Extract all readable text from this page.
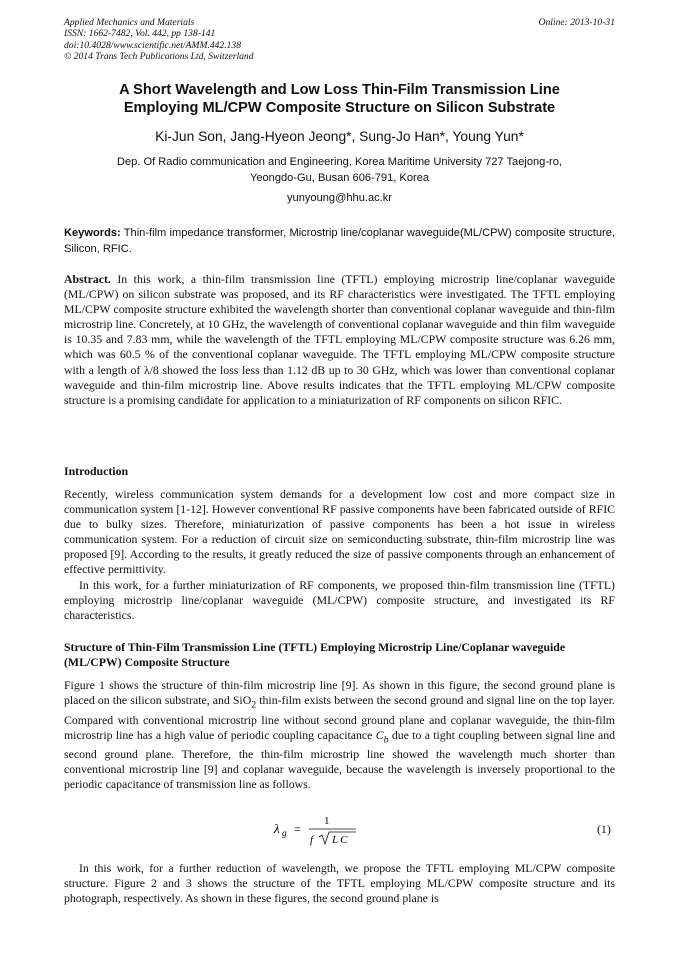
Applied Mechanics and Materials
ISSN: 1662-7482, Vol. 442, pp 138-141
doi:10.4028/www.scientific.net/AMM.442.138
© 2014 Trans Tech Publications Ltd, Switzerland
Online: 2013-10-31
A Short Wavelength and Low Loss Thin-Film Transmission Line
Employing ML/CPW Composite Structure on Silicon Substrate
Ki-Jun Son, Jang-Hyeon Jeong*, Sung-Jo Han*, Young Yun*
Dep. Of Radio communication and Engineering, Korea Maritime University 727 Taejong-ro,
Yeongdo-Gu, Busan 606-791, Korea
yunyoung@hhu.ac.kr
Keywords: Thin-film impedance transformer, Microstrip line/coplanar waveguide(ML/CPW) composite structure, Silicon, RFIC.

Abstract. In this work, a thin-film transmission line (TFTL) employing microstrip line/coplanar waveguide (ML/CPW) on silicon substrate was proposed, and its RF characteristics were investigated. The TFTL employing ML/CPW composite structure exhibited the wavelength shorter than conventional coplanar waveguide and thin-film microstrip line. Concretely, at 10 GHz, the wavelength of conventional coplanar waveguide and thin film waveguide is 10.35 and 7.83 mm, while the wavelength of the TFTL employing ML/CPW composite structure was 6.26 mm, which was 60.5 % of the conventional coplanar waveguide. The TFTL employing ML/CPW composite structure with a length of λ/8 showed the loss less than 1.12 dB up to 30 GHz, which was lower than conventional coplanar waveguide and thin-film microstrip line. Above results indicates that the TFTL employing ML/CPW composite structure is a promising candidate for application to a miniaturization of RF components on silicon RFIC.

Introduction

Recently, wireless communication system demands for a development low cost and more compact size in communication system [1-12]. However conventional RF passive components have been fabricated outside of RFIC due to bulky sizes. Therefore, miniaturization of passive components has been a hot issue in wireless communication system. For a reduction of circuit size on semiconducting substrate, thin-film microstrip line was proposed [9]. According to the results, it greatly reduced the size of passive components through an enhancement of effective permittivity.

In this work, for a further miniaturization of RF components, we proposed thin-film transmission line (TFTL) employing microstrip line/coplanar waveguide (ML/CPW) composite structure, and investigated its RF characteristics.

Structure of Thin-Film Transmission Line (TFTL) Employing Microstrip Line/Coplanar waveguide (ML/CPW) Composite Structure

Figure 1 shows the structure of thin-film microstrip line [9]. As shown in this figure, the second ground plane is placed on the silicon substrate, and SiO$_2$ thin-film exists between the second ground and signal line on the top layer. Compared with conventional microstrip line without second ground plane and coplanar waveguide, the thin-film microstrip line has a high value of periodic coupling capacitance $C_b$ due to a tight coupling between signal line and second ground plane. Therefore, the thin-film microstrip line showed the wavelength much shorter than conventional microstrip line [9] and coplanar waveguide, because the wavelength is inversely proportional to the periodic capacitance of transmission line as follows.

λ g =
1
f LC
(1)

In this work, for a further reduction of wavelength, we propose the TFTL employing ML/CPW composite structure. Figure 2 and 3 shows the structure of the TFTL employing ML/CPW composite structure and its photograph, respectively. As shown in these figures, the second ground plane is
